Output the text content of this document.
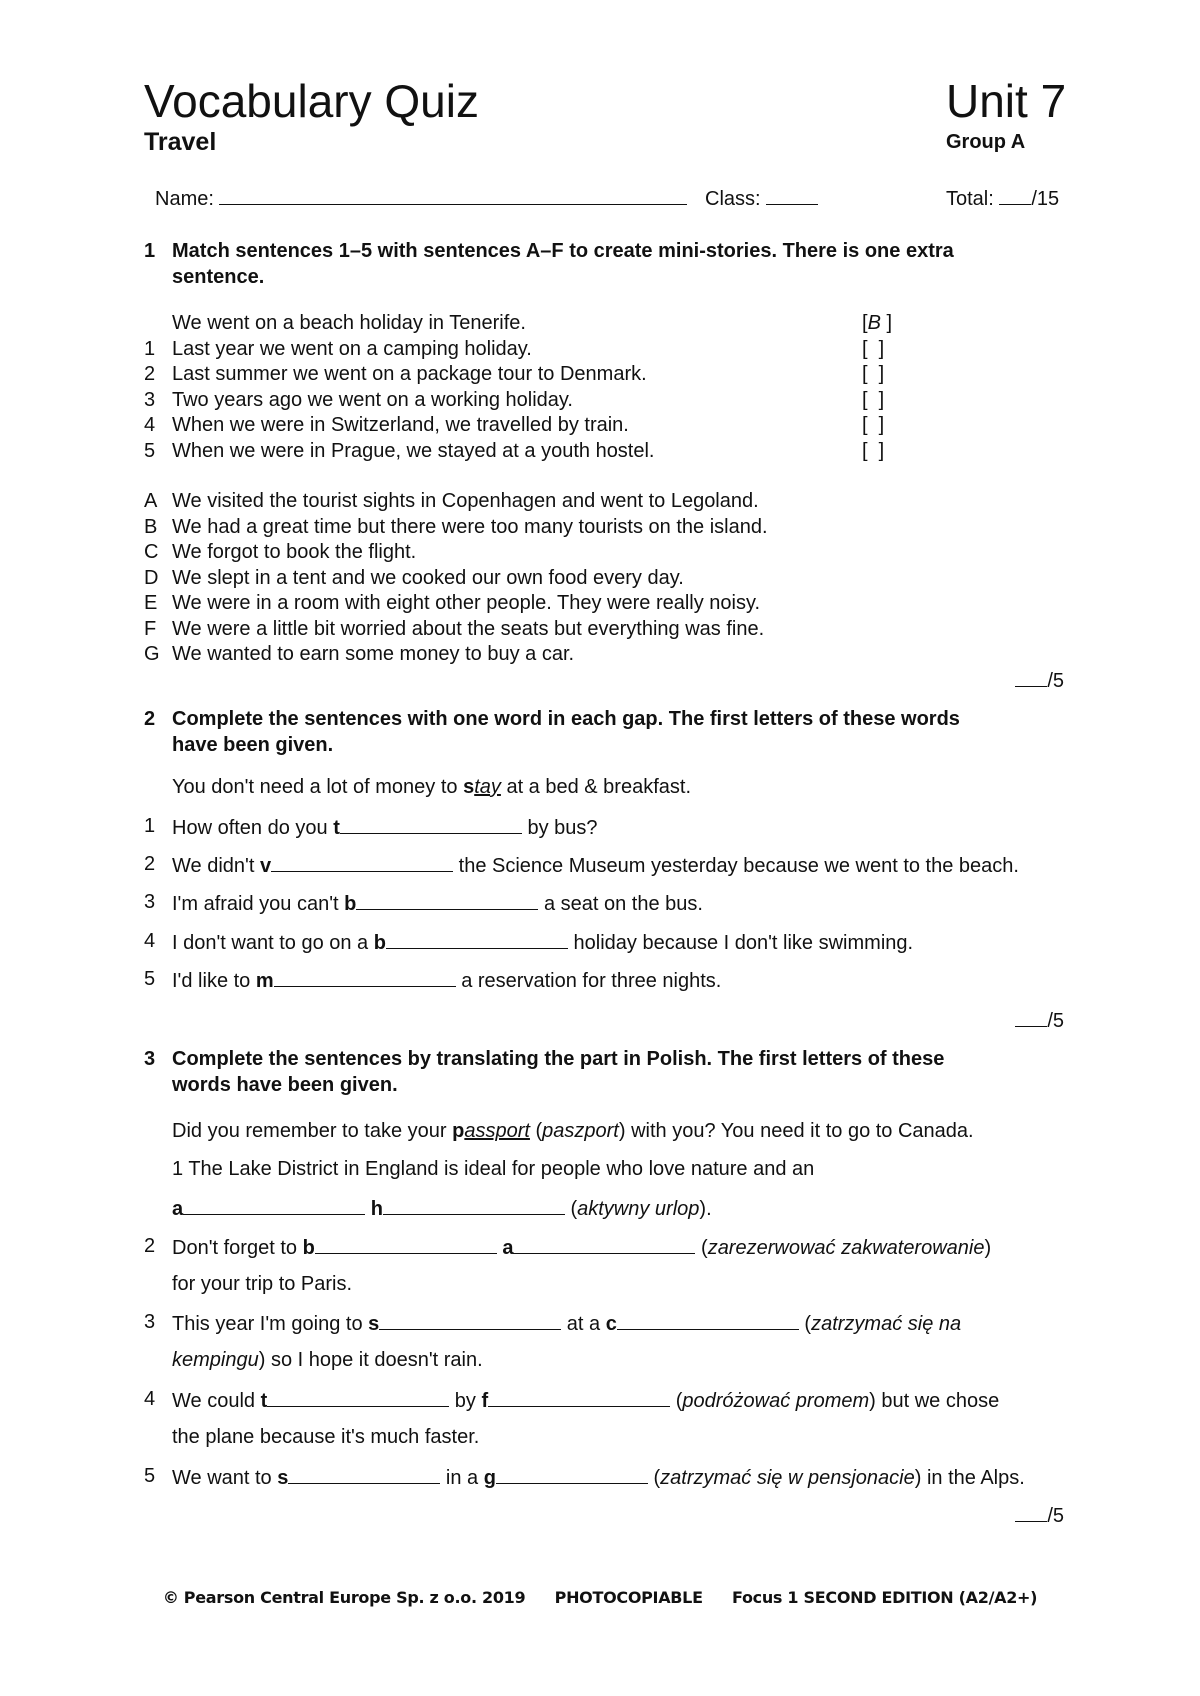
Vocabulary Quiz	Unit 7
Travel	Group A
Name:	Class:	Total: /15
1 Match sentences 1–5 with sentences A–F to create mini-stories. There is one extra
sentence.
We went on a beach holiday in Tenerife.	[B ]
1 Last year we went on a camping holiday.	[  ]
2 Last summer we went on a package tour to Denmark.	[  ]
3 Two years ago we went on a working holiday.	[  ]
4 When we were in Switzerland, we travelled by train.	[  ]
5 When we were in Prague, we stayed at a youth hostel.	[  ]
A We visited the tourist sights in Copenhagen and went to Legoland.
B We had a great time but there were too many tourists on the island.
C We forgot to book the flight.
D We slept in a tent and we cooked our own food every day.
E We were in a room with eight other people. They were really noisy.
F We were a little bit worried about the seats but everything was fine.
G We wanted to earn some money to buy a car.
/5
2 Complete the sentences with one word in each gap. The first letters of these words
have been given.
You don't need a lot of money to stay at a bed & breakfast.
1 How often do you t	by bus?
2 We didn't v	the Science Museum yesterday because we went to the beach.
3 I'm afraid you can't b	a seat on the bus.
4 I don't want to go on a b	holiday because I don't like swimming.
5 I'd like to m	a reservation for three nights.
/5
3 Complete the sentences by translating the part in Polish. The first letters of these
words have been given.
Did you remember to take your passport (paszport) with you? You need it to go to Canada.
1 The Lake District in England is ideal for people who love nature and an
a	h	(aktywny urlop).
2 Don't forget to b	a	(zarezerwować zakwaterowanie)
for your trip to Paris.
3 This year I'm going to s	at a c	(zatrzymać się na
kempingu) so I hope it doesn't rain.
4 We could t	by f	(podróżować promem) but we chose
the plane because it's much faster.
5 We want to s	in a g	(zatrzymać się w pensjonacie) in the Alps.
/5
© Pearson Central Europe Sp. z o.o. 2019 PHOTOCOPIABLE Focus 1 SECOND EDITION (A2/A2+)
